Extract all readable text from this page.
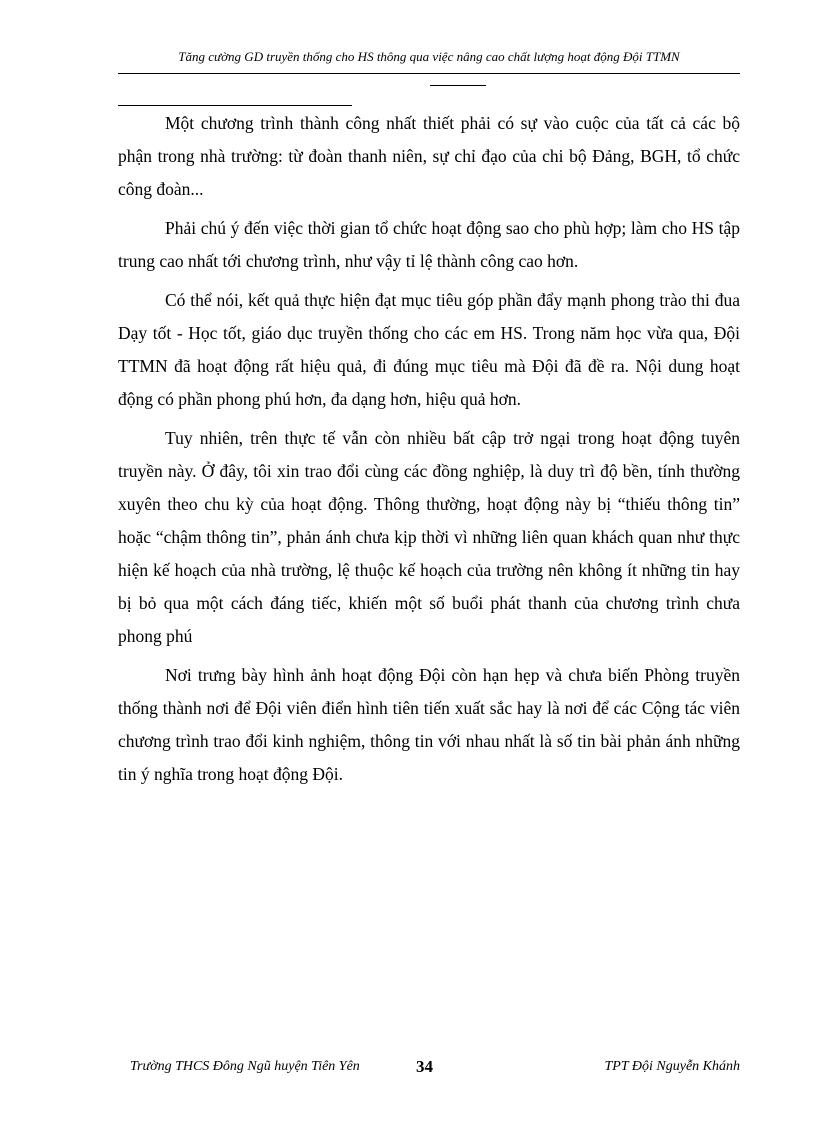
Tăng cường GD truyền thống cho HS thông qua việc nâng cao chất lượng hoạt động Đội TTMN

Một chương trình thành công nhất thiết phải có sự vào cuộc của tất cả các bộ phận trong nhà trường: từ đoàn thanh niên, sự chỉ đạo của chi bộ Đảng, BGH, tổ chức công đoàn...

Phải chú ý đến việc thời gian tổ chức hoạt động sao cho phù hợp; làm cho HS tập trung cao nhất tới chương trình, như vậy tỉ lệ thành công cao hơn.

Có thể nói, kết quả thực hiện đạt mục tiêu góp phần đẩy mạnh phong trào thi đua Dạy tốt - Học tốt, giáo dục truyền thống cho các em HS. Trong năm học vừa qua, Đội TTMN đã hoạt động rất hiệu quả, đi đúng mục tiêu mà Đội đã đề ra. Nội dung hoạt động có phần phong phú hơn, đa dạng hơn, hiệu quả hơn.

Tuy nhiên, trên thực tế vẫn còn nhiều bất cập trở ngại trong hoạt động tuyên truyền này. Ở đây, tôi xin trao đổi cùng các đồng nghiệp, là duy trì độ bền, tính thường xuyên theo chu kỳ của hoạt động. Thông thường, hoạt động này bị “thiếu thông tin” hoặc “chậm thông tin”, phản ánh chưa kịp thời vì những liên quan khách quan như thực hiện kế hoạch của nhà trường, lệ thuộc kế hoạch của trường nên không ít những tin hay bị bỏ qua một cách đáng tiếc, khiến một số buổi phát thanh của chương trình chưa phong phú

Nơi trưng bày hình ảnh hoạt động Đội còn hạn hẹp và chưa biến Phòng truyền thống thành nơi để Đội viên điển hình tiên tiến xuất sắc hay là nơi để các Cộng tác viên chương trình trao đổi kinh nghiệm, thông tin với nhau nhất là số tin bài phản ánh những tin ý nghĩa trong hoạt động Đội.

Trường THCS Đông Ngũ huyện Tiên Yên	34	TPT Đội Nguyễn Khánh
